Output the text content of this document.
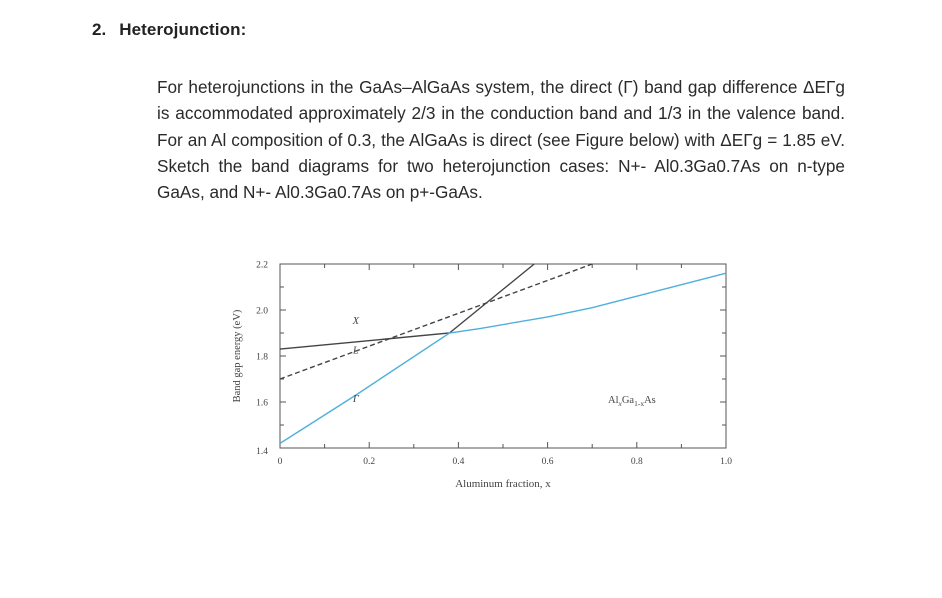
2. Heterojunction:

For heterojunctions in the GaAs–AlGaAs system, the direct (Γ) band gap difference ΔEΓg is accommodated approximately 2/3 in the conduction band and 1/3 in the valence band. For an Al composition of 0.3, the AlGaAs is direct (see Figure below) with ΔEΓg = 1.85 eV. Sketch the band diagrams for two heterojunction cases: N+- Al0.3Ga0.7As on n-type GaAs, and N+- Al0.3Ga0.7As on p+-GaAs.

0	0.2	0.4	0.6	0.8	1.0
1.4
1.6
1.8
2.0
2.2
X
L
Γ
Aluminum fraction, x
Band gap energy (eV)	$Al_xGa_{1-x}As$
